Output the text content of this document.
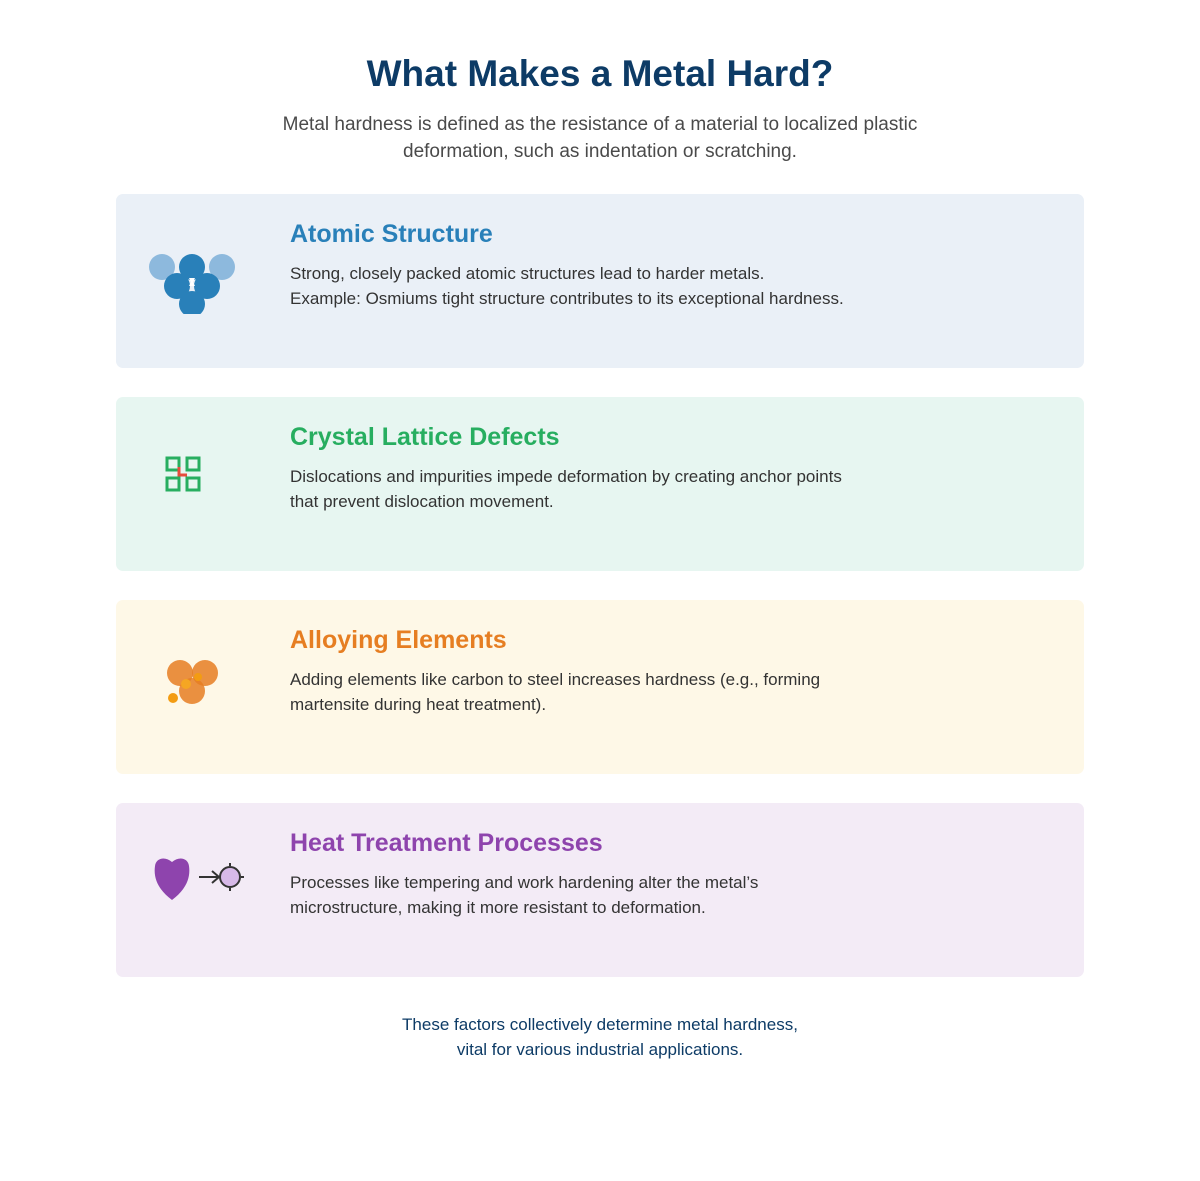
What Makes a Metal Hard?

Metal hardness is defined as the resistance of a material to localized plastic
deformation, such as indentation or scratching.

Atomic Structure

Strong, closely packed atomic structures lead to harder metals.
Example: Osmiums tight structure contributes to its exceptional hardness.

Crystal Lattice Defects

Dislocations and impurities impede deformation by creating anchor points
that prevent dislocation movement.

Alloying Elements

Adding elements like carbon to steel increases hardness (e.g., forming
martensite during heat treatment).

Heat Treatment Processes

Processes like tempering and work hardening alter the metal’s
microstructure, making it more resistant to deformation.

These factors collectively determine metal hardness,
vital for various industrial applications.
